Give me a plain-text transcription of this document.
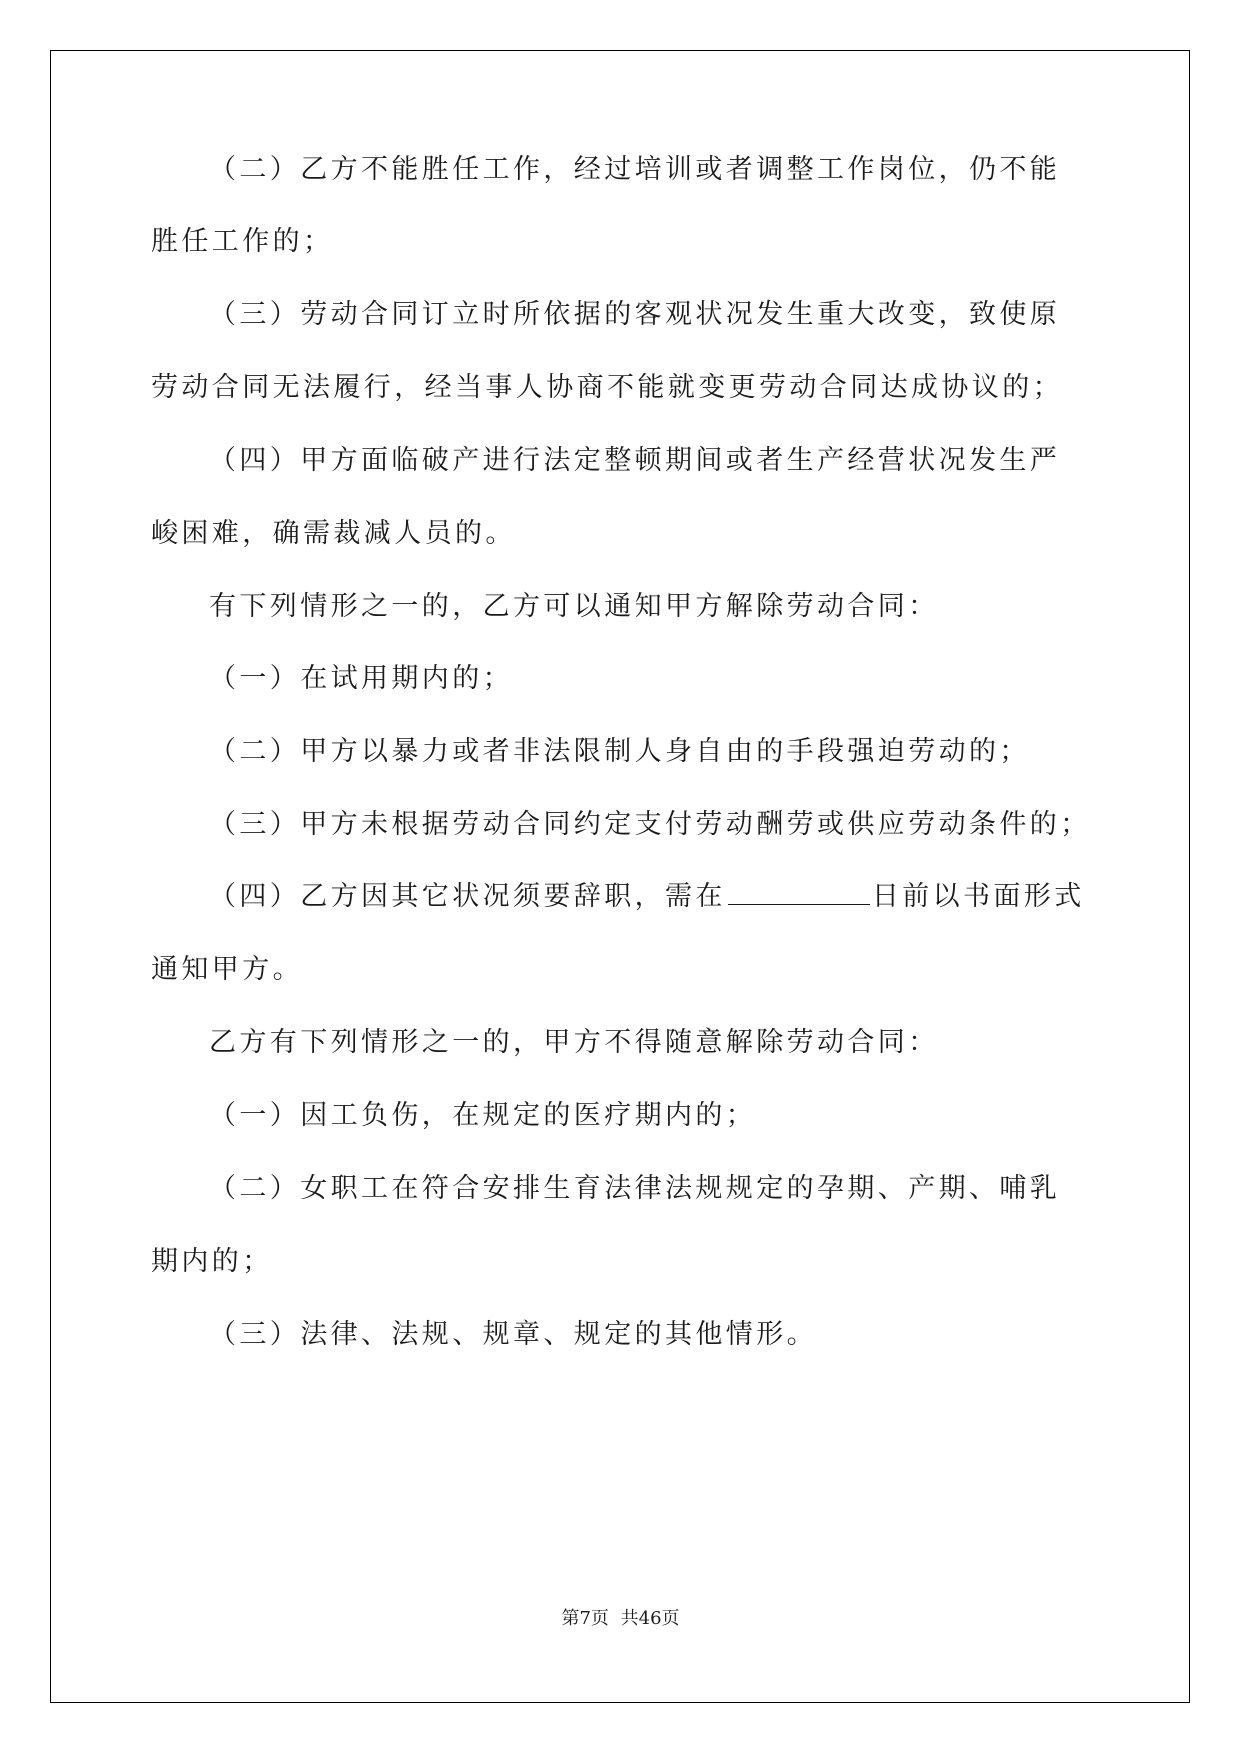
（二）乙方不能胜任工作，经过培训或者调整工作岗位，仍不能
胜任工作的；
（三）劳动合同订立时所依据的客观状况发生重大改变，致使原
劳动合同无法履行，经当事人协商不能就变更劳动合同达成协议的；
（四）甲方面临破产进行法定整顿期间或者生产经营状况发生严
峻困难，确需裁减人员的。
有下列情形之一的，乙方可以通知甲方解除劳动合同：
（一）在试用期内的；
（二）甲方以暴力或者非法限制人身自由的手段强迫劳动的；
（三）甲方未根据劳动合同约定支付劳动酬劳或供应劳动条件的；
（四）乙方因其它状况须要辞职，需在	日前以书面形式
通知甲方。
乙方有下列情形之一的，甲方不得随意解除劳动合同：
（一）因工负伤，在规定的医疗期内的；
（二）女职工在符合安排生育法律法规规定的孕期、产期、哺乳
期内的；
（三）法律、法规、规章、规定的其他情形。
第7页 共46页
